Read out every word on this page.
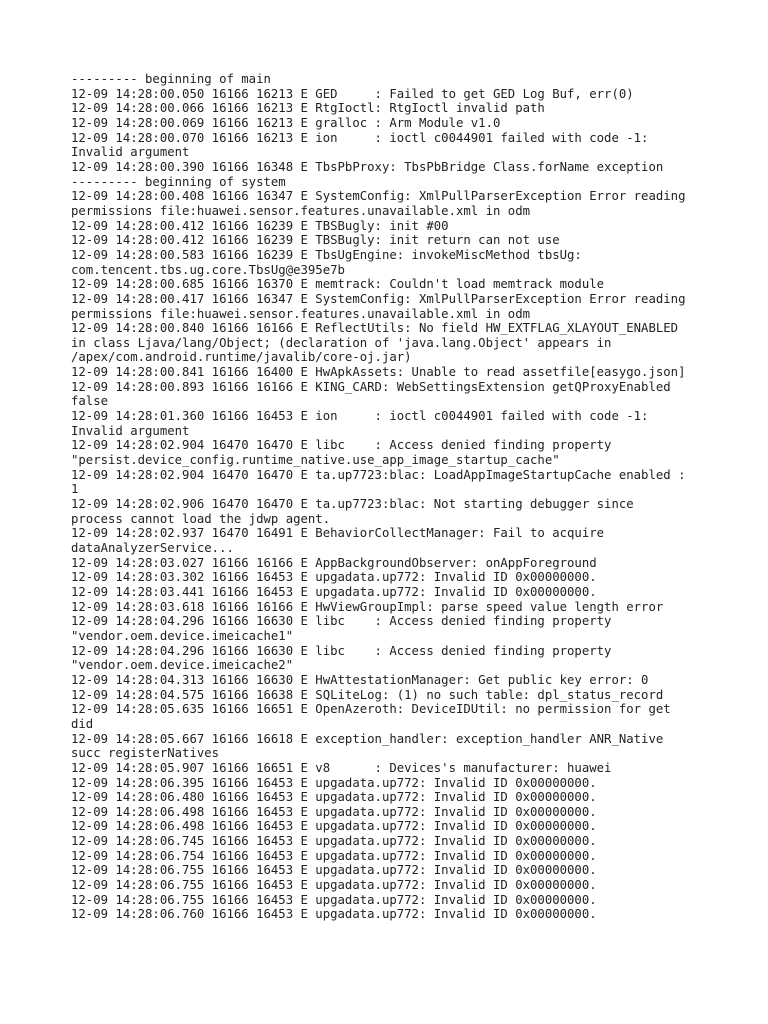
--------- beginning of main
12-09 14:28:00.050 16166 16213 E GED     : Failed to get GED Log Buf, err(0)
12-09 14:28:00.066 16166 16213 E RtgIoctl: RtgIoctl invalid path
12-09 14:28:00.069 16166 16213 E gralloc : Arm Module v1.0
12-09 14:28:00.070 16166 16213 E ion     : ioctl c0044901 failed with code -1:
Invalid argument
12-09 14:28:00.390 16166 16348 E TbsPbProxy: TbsPbBridge Class.forName exception
--------- beginning of system
12-09 14:28:00.408 16166 16347 E SystemConfig: XmlPullParserException Error reading
permissions file:huawei.sensor.features.unavailable.xml in odm
12-09 14:28:00.412 16166 16239 E TBSBugly: init #00
12-09 14:28:00.412 16166 16239 E TBSBugly: init return can not use
12-09 14:28:00.583 16166 16239 E TbsUgEngine: invokeMiscMethod tbsUg:
com.tencent.tbs.ug.core.TbsUg@e395e7b
12-09 14:28:00.685 16166 16370 E memtrack: Couldn't load memtrack module
12-09 14:28:00.417 16166 16347 E SystemConfig: XmlPullParserException Error reading
permissions file:huawei.sensor.features.unavailable.xml in odm
12-09 14:28:00.840 16166 16166 E ReflectUtils: No field HW_EXTFLAG_XLAYOUT_ENABLED
in class Ljava/lang/Object; (declaration of 'java.lang.Object' appears in
/apex/com.android.runtime/javalib/core-oj.jar)
12-09 14:28:00.841 16166 16400 E HwApkAssets: Unable to read assetfile[easygo.json]
12-09 14:28:00.893 16166 16166 E KING_CARD: WebSettingsExtension getQProxyEnabled
false
12-09 14:28:01.360 16166 16453 E ion     : ioctl c0044901 failed with code -1:
Invalid argument
12-09 14:28:02.904 16470 16470 E libc    : Access denied finding property
"persist.device_config.runtime_native.use_app_image_startup_cache"
12-09 14:28:02.904 16470 16470 E ta.up7723:blac: LoadAppImageStartupCache enabled :
1
12-09 14:28:02.906 16470 16470 E ta.up7723:blac: Not starting debugger since
process cannot load the jdwp agent.
12-09 14:28:02.937 16470 16491 E BehaviorCollectManager: Fail to acquire
dataAnalyzerService...
12-09 14:28:03.027 16166 16166 E AppBackgroundObserver: onAppForeground
12-09 14:28:03.302 16166 16453 E upgadata.up772: Invalid ID 0x00000000.
12-09 14:28:03.441 16166 16453 E upgadata.up772: Invalid ID 0x00000000.
12-09 14:28:03.618 16166 16166 E HwViewGroupImpl: parse speed value length error
12-09 14:28:04.296 16166 16630 E libc    : Access denied finding property
"vendor.oem.device.imeicache1"
12-09 14:28:04.296 16166 16630 E libc    : Access denied finding property
"vendor.oem.device.imeicache2"
12-09 14:28:04.313 16166 16630 E HwAttestationManager: Get public key error: 0
12-09 14:28:04.575 16166 16638 E SQLiteLog: (1) no such table: dpl_status_record
12-09 14:28:05.635 16166 16651 E OpenAzeroth: DeviceIDUtil: no permission for get
did
12-09 14:28:05.667 16166 16618 E exception_handler: exception_handler ANR_Native
succ registerNatives
12-09 14:28:05.907 16166 16651 E v8      : Devices's manufacturer: huawei
12-09 14:28:06.395 16166 16453 E upgadata.up772: Invalid ID 0x00000000.
12-09 14:28:06.480 16166 16453 E upgadata.up772: Invalid ID 0x00000000.
12-09 14:28:06.498 16166 16453 E upgadata.up772: Invalid ID 0x00000000.
12-09 14:28:06.498 16166 16453 E upgadata.up772: Invalid ID 0x00000000.
12-09 14:28:06.745 16166 16453 E upgadata.up772: Invalid ID 0x00000000.
12-09 14:28:06.754 16166 16453 E upgadata.up772: Invalid ID 0x00000000.
12-09 14:28:06.755 16166 16453 E upgadata.up772: Invalid ID 0x00000000.
12-09 14:28:06.755 16166 16453 E upgadata.up772: Invalid ID 0x00000000.
12-09 14:28:06.755 16166 16453 E upgadata.up772: Invalid ID 0x00000000.
12-09 14:28:06.760 16166 16453 E upgadata.up772: Invalid ID 0x00000000.
